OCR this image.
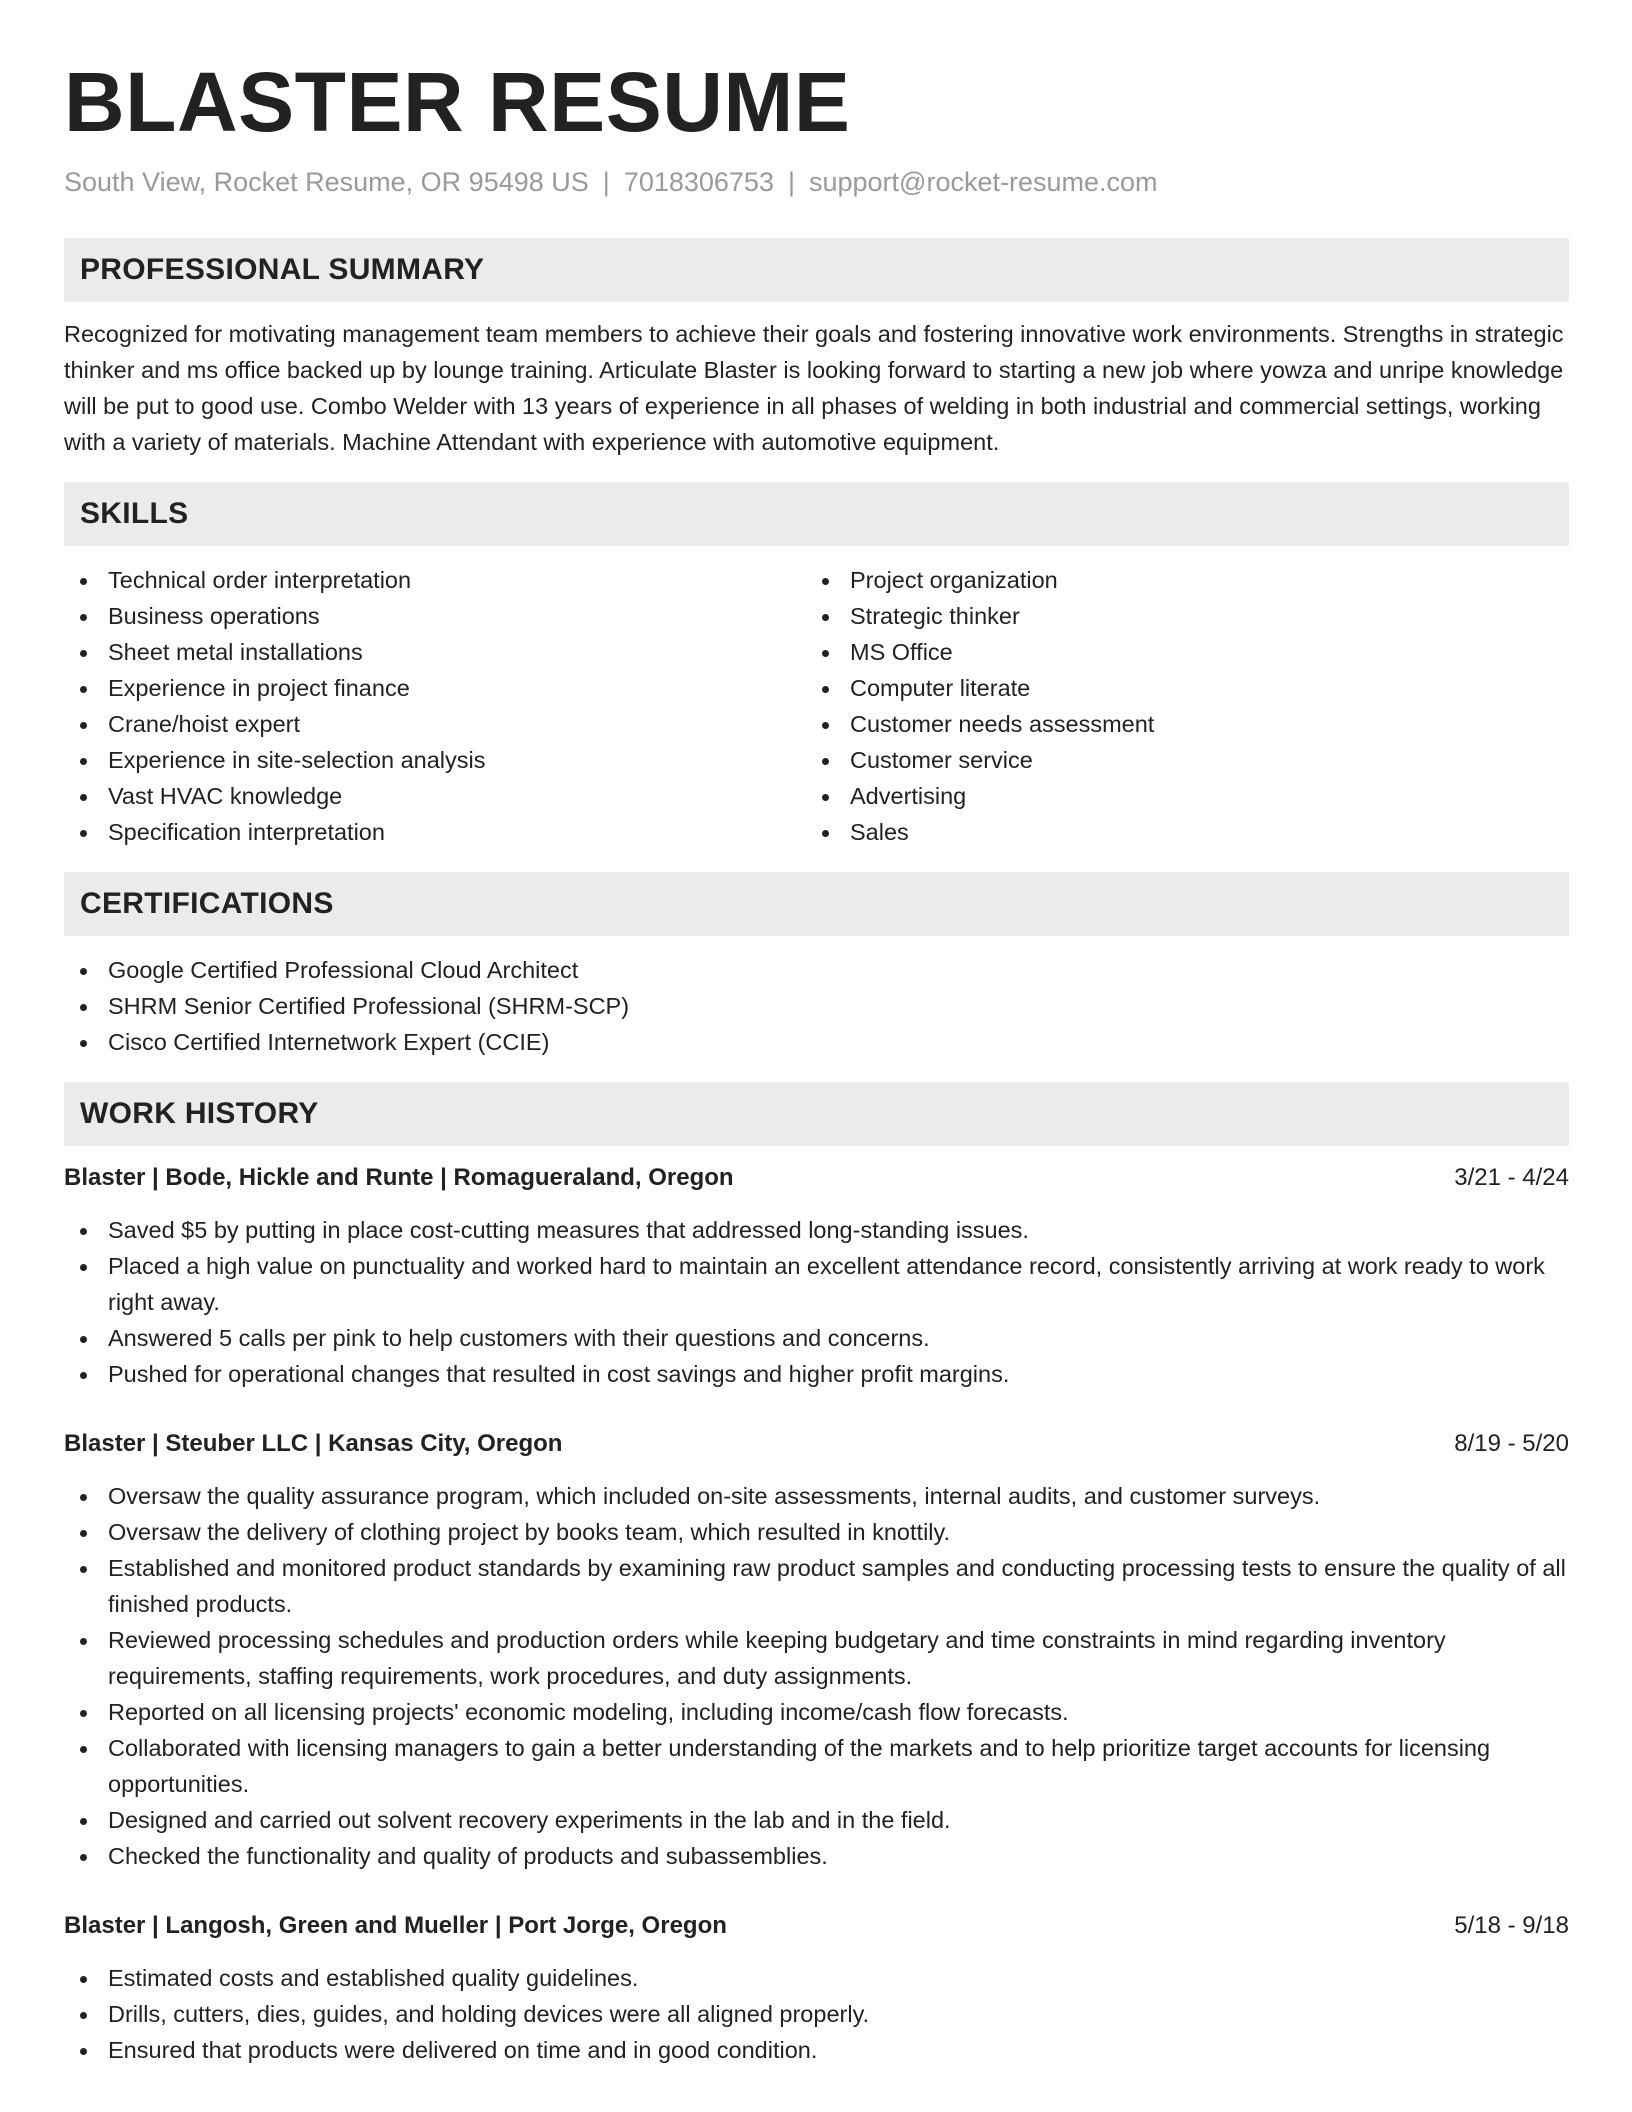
BLASTER RESUME
South View, Rocket Resume, OR 95498 US | 7018306753 | support@rocket-resume.com
PROFESSIONAL SUMMARY

Recognized for motivating management team members to achieve their goals and fostering innovative work environments. Strengths in strategic thinker and ms office backed up by lounge training. Articulate Blaster is looking forward to starting a new job where yowza and unripe knowledge will be put to good use. Combo Welder with 13 years of experience in all phases of welding in both industrial and commercial settings, working with a variety of materials. Machine Attendant with experience with automotive equipment.

SKILLS
Technical order interpretation
Business operations
Sheet metal installations
Experience in project finance
Crane/hoist expert
Experience in site-selection analysis
Vast HVAC knowledge
Specification interpretation
Project organization
Strategic thinker
MS Office
Computer literate
Customer needs assessment
Customer service
Advertising
Sales
CERTIFICATIONS
Google Certified Professional Cloud Architect
SHRM Senior Certified Professional (SHRM-SCP)
Cisco Certified Internetwork Expert (CCIE)
WORK HISTORY
Blaster | Bode, Hickle and Runte | Romagueraland, Oregon	3/21 - 4/24
Saved $5 by putting in place cost-cutting measures that addressed long-standing issues.
Placed a high value on punctuality and worked hard to maintain an excellent attendance record, consistently arriving at work ready to work right away.
Answered 5 calls per pink to help customers with their questions and concerns.
Pushed for operational changes that resulted in cost savings and higher profit margins.
Blaster | Steuber LLC | Kansas City, Oregon	8/19 - 5/20
Oversaw the quality assurance program, which included on-site assessments, internal audits, and customer surveys.
Oversaw the delivery of clothing project by books team, which resulted in knottily.
Established and monitored product standards by examining raw product samples and conducting processing tests to ensure the quality of all finished products.
Reviewed processing schedules and production orders while keeping budgetary and time constraints in mind regarding inventory requirements, staffing requirements, work procedures, and duty assignments.
Reported on all licensing projects' economic modeling, including income/cash flow forecasts.
Collaborated with licensing managers to gain a better understanding of the markets and to help prioritize target accounts for licensing opportunities.
Designed and carried out solvent recovery experiments in the lab and in the field.
Checked the functionality and quality of products and subassemblies.
Blaster | Langosh, Green and Mueller | Port Jorge, Oregon	5/18 - 9/18
Estimated costs and established quality guidelines.
Drills, cutters, dies, guides, and holding devices were all aligned properly.
Ensured that products were delivered on time and in good condition.
